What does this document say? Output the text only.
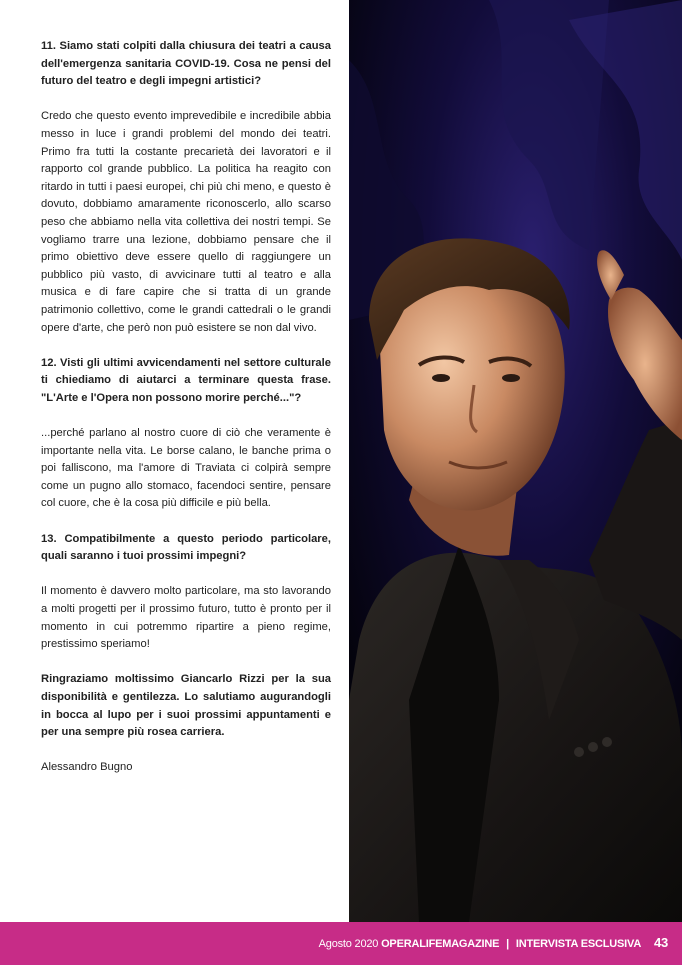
11. Siamo stati colpiti dalla chiusura dei teatri a causa dell'emergenza sanitaria COVID-19. Cosa ne pensi del futuro del teatro e degli impegni artistici?

Credo che questo evento imprevedibile e incredibile abbia messo in luce i grandi problemi del mondo dei teatri. Primo fra tutti la costante precarietà dei lavoratori e il rapporto col grande pubblico. La politica ha reagito con ritardo in tutti i paesi europei, chi più chi meno, e questo è dovuto, dobbiamo amaramente riconoscerlo, allo scarso peso che abbiamo nella vita collettiva dei nostri tempi. Se vogliamo trarre una lezione, dobbiamo pensare che il primo obiettivo deve essere quello di raggiungere un pubblico più vasto, di avvicinare tutti al teatro e alla musica e di fare capire che si tratta di un grande patrimonio collettivo, come le grandi cattedrali o le grandi opere d'arte, che però non può esistere se non dal vivo.

12. Visti gli ultimi avvicendamenti nel settore culturale ti chiediamo di aiutarci a terminare questa frase. "L'Arte e l'Opera non possono morire perché..."?

...perché parlano al nostro cuore di ciò che veramente è importante nella vita. Le borse calano, le banche prima o poi falliscono, ma l'amore di Traviata ci colpirà sempre come un pugno allo stomaco, facendoci sentire, pensare col cuore, che è la cosa più difficile e più bella.

13. Compatibilmente a questo periodo particolare, quali saranno i tuoi prossimi impegni?

Il momento è davvero molto particolare, ma sto lavorando a molti progetti per il prossimo futuro, tutto è pronto per il momento in cui potremmo ripartire a pieno regime, prestissimo speriamo!

Ringraziamo moltissimo Giancarlo Rizzi per la sua disponibilità e gentilezza. Lo salutiamo augurandogli in bocca al lupo per i suoi prossimi appuntamenti e per una sempre più rosea carriera.

Alessandro Bugno

Agosto 2020 OPERALIFEMAGAZINE | INTERVISTA ESCLUSIVA 43
